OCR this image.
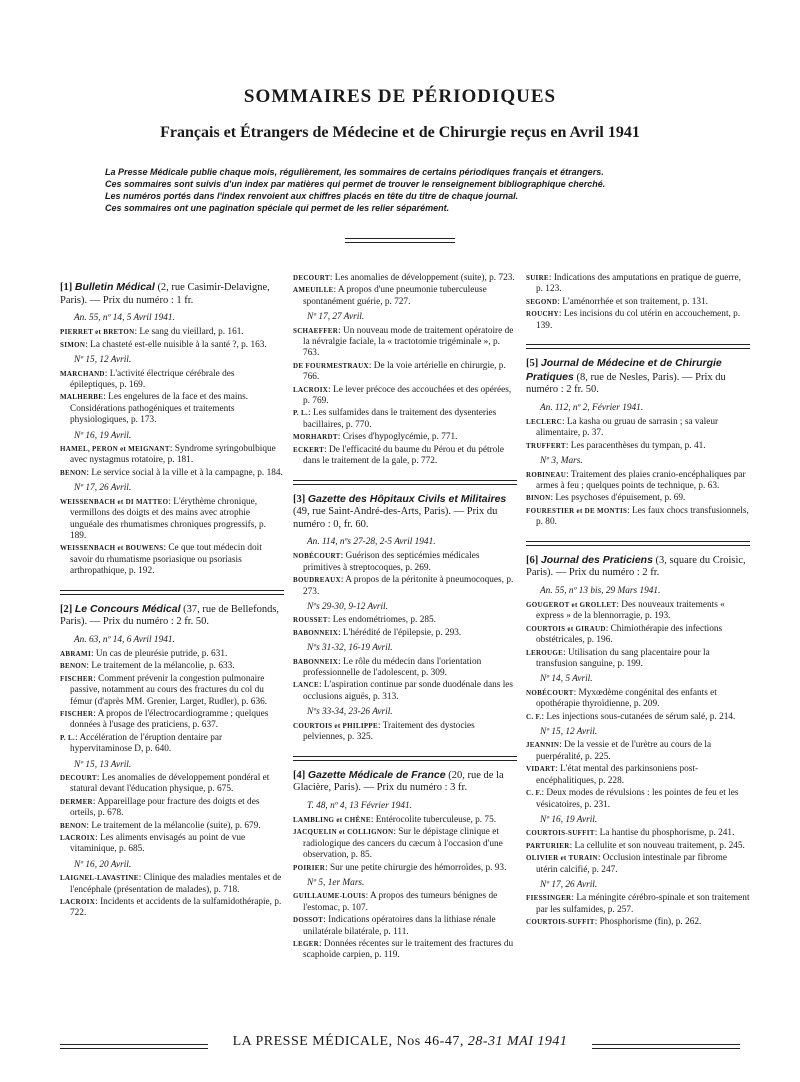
SOMMAIRES DE PÉRIODIQUES
Français et Étrangers de Médecine et de Chirurgie reçus en Avril 1941
La Presse Médicale publie chaque mois, régulièrement, les sommaires de certains périodiques français et étrangers.
Ces sommaires sont suivis d'un index par matières qui permet de trouver le renseignement bibliographique cherché.
Les numéros portés dans l'index renvoient aux chiffres placés en tête du titre de chaque journal.
Ces sommaires ont une pagination spéciale qui permet de les relier séparément.
[1] Bulletin Médical (2, rue Casimir-Delavigne, Paris). — Prix du numéro : 1 fr.
An. 55, nº 14, 5 Avril 1941.
PIERRET et BRETON: Le sang du vieillard, p. 161.
SIMON: La chasteté est-elle nuisible à la santé ?, p. 163.
Nº 15, 12 Avril.
MARCHAND: L'activité électrique cérébrale des épileptiques, p. 169.
MALHERBE: Les engelures de la face et des mains. Considérations pathogéniques et traitements physiologiques, p. 173.
Nº 16, 19 Avril.
HAMEL, PERON et MEIGNANT: Syndrome syringobulbique avec nystagmus rotatoire, p. 181.
BENON: Le service social à la ville et à la campagne, p. 184.
Nº 17, 26 Avril.
WEISSENBACH et DI MATTEO: L'érythème chronique, vermillons des doigts et des mains avec atrophie unguéale des rhumatismes chroniques progressifs, p. 189.
WEISSENBACH et BOUWENS: Ce que tout médecin doit savoir du rhumatisme psoriasique ou psoriasis arthropathique, p. 192.
[2] Le Concours Médical (37, rue de Bellefonds, Paris). — Prix du numéro : 2 fr. 50.
An. 63, nº 14, 6 Avril 1941.
ABRAMI: Un cas de pleurésie putride, p. 631.
BENON: Le traitement de la mélancolie, p. 633.
FISCHER: Comment prévenir la congestion pulmonaire passive, notamment au cours des fractures du col du fémur (d'après MM. Grenier, Larget, Rudler), p. 636.
FISCHER: A propos de l'électrocardiogramme ; quelques données à l'usage des praticiens, p. 637.
P. L.: Accélération de l'éruption dentaire par hypervitaminose D, p. 640.
Nº 15, 13 Avril.
DECOURT: Les anomalies de développement pondéral et statural devant l'éducation physique, p. 675.
DERMER: Appareillage pour fracture des doigts et des orteils, p. 678.
BENON: Le traitement de la mélancolie (suite), p. 679.
LACROIX: Les aliments envisagés au point de vue vitaminique, p. 685.
Nº 16, 20 Avril.
LAIGNEL-LAVASTINE: Clinique des maladies mentales et de l'encéphale (présentation de malades), p. 718.
LACROIX: Incidents et accidents de la sulfamidothérapie, p. 722.
DECOURT: Les anomalies de développement (suite), p. 723.
AMEUILLE: A propos d'une pneumonie tuberculeuse spontanément guérie, p. 727.
Nº 17, 27 Avril.
SCHAEFFER: Un nouveau mode de traitement opératoire de la névralgie faciale, la « tractotomie trigéminale », p. 763.
DE FOURMESTRAUX: De la voie artérielle en chirurgie, p. 766.
LACROIX: Le lever précoce des accouchées et des opérées, p. 769.
P. L.: Les sulfamides dans le traitement des dysenteries bacillaires, p. 770.
MORHARDT: Crises d'hypoglycémie, p. 771.
ECKERT: De l'efficacité du baume du Pérou et du pétrole dans le traitement de la gale, p. 772.
[3] Gazette des Hôpitaux Civils et Militaires (49, rue Saint-André-des-Arts, Paris). — Prix du numéro : 0, fr. 60.
An. 114, nºs 27-28, 2-5 Avril 1941.
NOBÉCOURT: Guérison des septicémies médicales primitives à streptocoques, p. 269.
BOUDREAUX: A propos de la péritonite à pneumocoques, p. 273.
Nºs 29-30, 9-12 Avril.
ROUSSET: Les endométriomes, p. 285.
BABONNEIX: L'hérédité de l'épilepsie, p. 293.
Nºs 31-32, 16-19 Avril.
BABONNEIX: Le rôle du médecin dans l'orientation professionnelle de l'adolescent, p. 309.
LANCE: L'aspiration continue par sonde duodénale dans les occlusions aiguës, p. 313.
Nºs 33-34, 23-26 Avril.
COURTOIS et PHILIPPE: Traitement des dystocies pelviennes, p. 325.
[4] Gazette Médicale de France (20, rue de la Glacière, Paris). — Prix du numéro : 3 fr.
T. 48, nº 4, 13 Février 1941.
LAMBLING et CHÊNE: Entérocolite tuberculeuse, p. 75.
JACQUELIN et COLLIGNON: Sur le dépistage clinique et radiologique des cancers du cæcum à l'occasion d'une observation, p. 85.
POIRIER: Sur une petite chirurgie des hémorroïdes, p. 93.
Nº 5, 1er Mars.
GUILLAUME-LOUIS: A propos des tumeurs bénignes de l'estomac, p. 107.
DOSSOT: Indications opératoires dans la lithiase rénale unilatérale bilatérale, p. 111.
LEGER: Données récentes sur le traitement des fractures du scaphoïde carpien, p. 119.
SUIRE: Indications des amputations en pratique de guerre, p. 123.
SEGOND: L'aménorrhée et son traitement, p. 131.
ROUCHY: Les incisions du col utérin en accouchement, p. 139.
[5] Journal de Médecine et de Chirurgie Pratiques (8, rue de Nesles, Paris). — Prix du numéro : 2 fr. 50.
An. 112, nº 2, Février 1941.
LECLERC: La kasha ou gruau de sarrasin ; sa valeur alimentaire, p. 37.
TRUFFERT: Les paracenthèses du tympan, p. 41.
Nº 3, Mars.
ROBINEAU: Traitement des plaies cranio-encéphaliques par armes à feu ; quelques points de technique, p. 63.
BINON: Les psychoses d'épuisement, p. 69.
FOURESTIER et DE MONTIS: Les faux chocs transfusionnels, p. 80.
[6] Journal des Praticiens (3, square du Croisic, Paris). — Prix du numéro : 2 fr.
An. 55, nº 13 bis, 29 Mars 1941.
GOUGEROT et GROLLET: Des nouveaux traitements « express » de la blennorragie, p. 193.
COURTOIS et GIRAUD: Chimiothérapie des infections obstétricales, p. 196.
LEROUGE: Utilisation du sang placentaire pour la transfusion sanguine, p. 199.
Nº 14, 5 Avril.
NOBÉCOURT: Myxœdème congénital des enfants et opothérapie thyroïdienne, p. 209.
C. F.: Les injections sous-cutanées de sérum salé, p. 214.
Nº 15, 12 Avril.
JEANNIN: De la vessie et de l'urètre au cours de la puerpéralité, p. 225.
VIDART: L'état mental des parkinsoniens post-encéphalitiques, p. 228.
C. F.: Deux modes de révulsions : les pointes de feu et les vésicatoires, p. 231.
Nº 16, 19 Avril.
COURTOIS-SUFFIT: La hantise du phosphorisme, p. 241.
PARTURIER: La cellulite et son nouveau traitement, p. 245.
OLIVIER et TURAIN: Occlusion intestinale par fibrome utérin calcifié, p. 247.
Nº 17, 26 Avril.
FIESSINGER: La méningite cérébro-spinale et son traitement par les sulfamides, p. 257.
COURTOIS-SUFFIT: Phosphorisme (fin), p. 262.
LA PRESSE MÉDICALE, Nos 46-47, 28-31 MAI 1941
